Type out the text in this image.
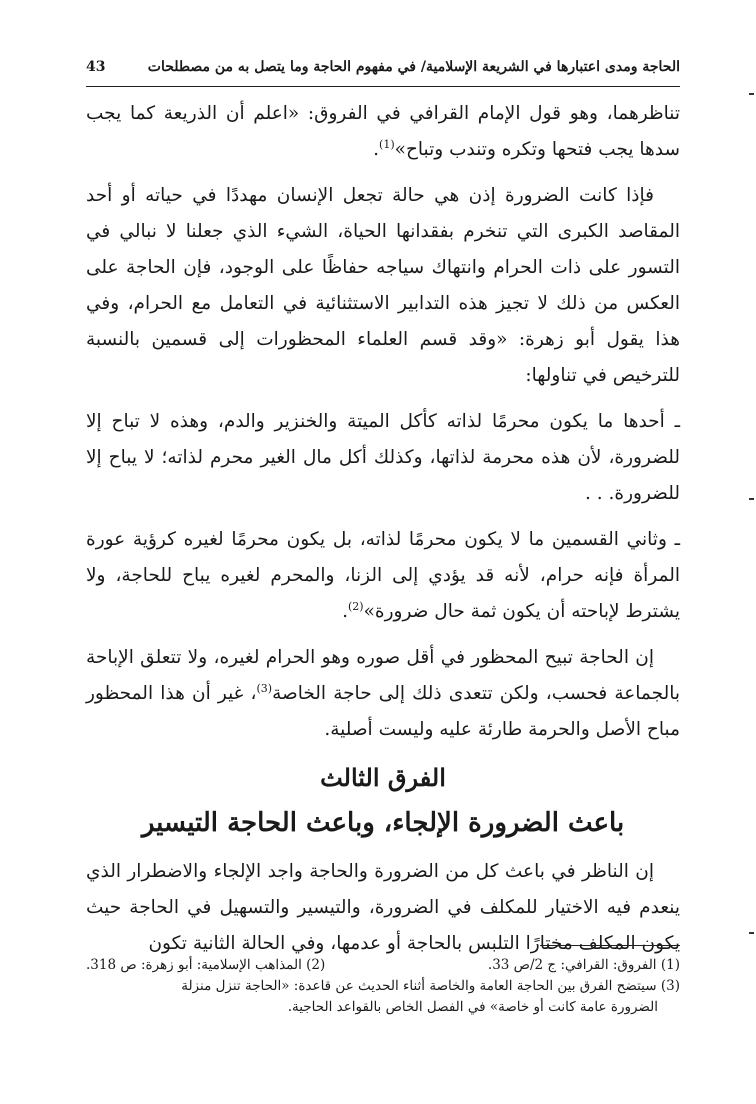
الحاجة ومدى اعتبارها في الشريعة الإسلامية/ في مفهوم الحاجة وما يتصل به من مصطلحات
43

تناظرهما، وهو قول الإمام القرافي في الفروق: «اعلم أن الذريعة كما يجب سدها يجب فتحها وتكره وتندب وتباح»$^{(1)}$.

فإذا كانت الضرورة إذن هي حالة تجعل الإنسان مهددًا في حياته أو أحد المقاصد الكبرى التي تنخرم بفقدانها الحياة، الشيء الذي جعلنا لا نبالي في التسور على ذات الحرام وانتهاك سياجه حفاظًا على الوجود، فإن الحاجة على العكس من ذلك لا تجيز هذه التدابير الاستثنائية في التعامل مع الحرام، وفي هذا يقول أبو زهرة: «وقد قسم العلماء المحظورات إلى قسمين بالنسبة للترخيص في تناولها:

ـ أحدها ما يكون محرمًا لذاته كأكل الميتة والخنزير والدم، وهذه لا تباح إلا للضرورة، لأن هذه محرمة لذاتها، وكذلك أكل مال الغير محرم لذاته؛ لا يباح إلا للضرورة. . .

ـ وثاني القسمين ما لا يكون محرمًا لذاته، بل يكون محرمًا لغيره كرؤية عورة المرأة فإنه حرام، لأنه قد يؤدي إلى الزنا، والمحرم لغيره يباح للحاجة، ولا يشترط لإباحته أن يكون ثمة حال ضرورة»$^{(2)}$.

إن الحاجة تبيح المحظور في أقل صوره وهو الحرام لغيره، ولا تتعلق الإباحة بالجماعة فحسب، ولكن تتعدى ذلك إلى حاجة الخاصة$^{(3)}$، غير أن هذا المحظور مباح الأصل والحرمة طارئة عليه وليست أصلية.

الفرق الثالث
باعث الضرورة الإلجاء، وباعث الحاجة التيسير

إن الناظر في باعث كل من الضرورة والحاجة واجد الإلجاء والاضطرار الذي ينعدم فيه الاختيار للمكلف في الضرورة، والتيسير والتسهيل في الحاجة حيث يكون المكلف مختارًا التلبس بالحاجة أو عدمها، وفي الحالة الثانية تكون

(1) الفروق: القرافي: ج 2/ص 33.
(2) المذاهب الإسلامية: أبو زهرة: ص 318.
(3) سيتضح الفرق بين الحاجة العامة والخاصة أثناء الحديث عن قاعدة: «الحاجة تنزل منزلة
الضرورة عامة كانت أو خاصة» في الفصل الخاص بالقواعد الحاجية.
